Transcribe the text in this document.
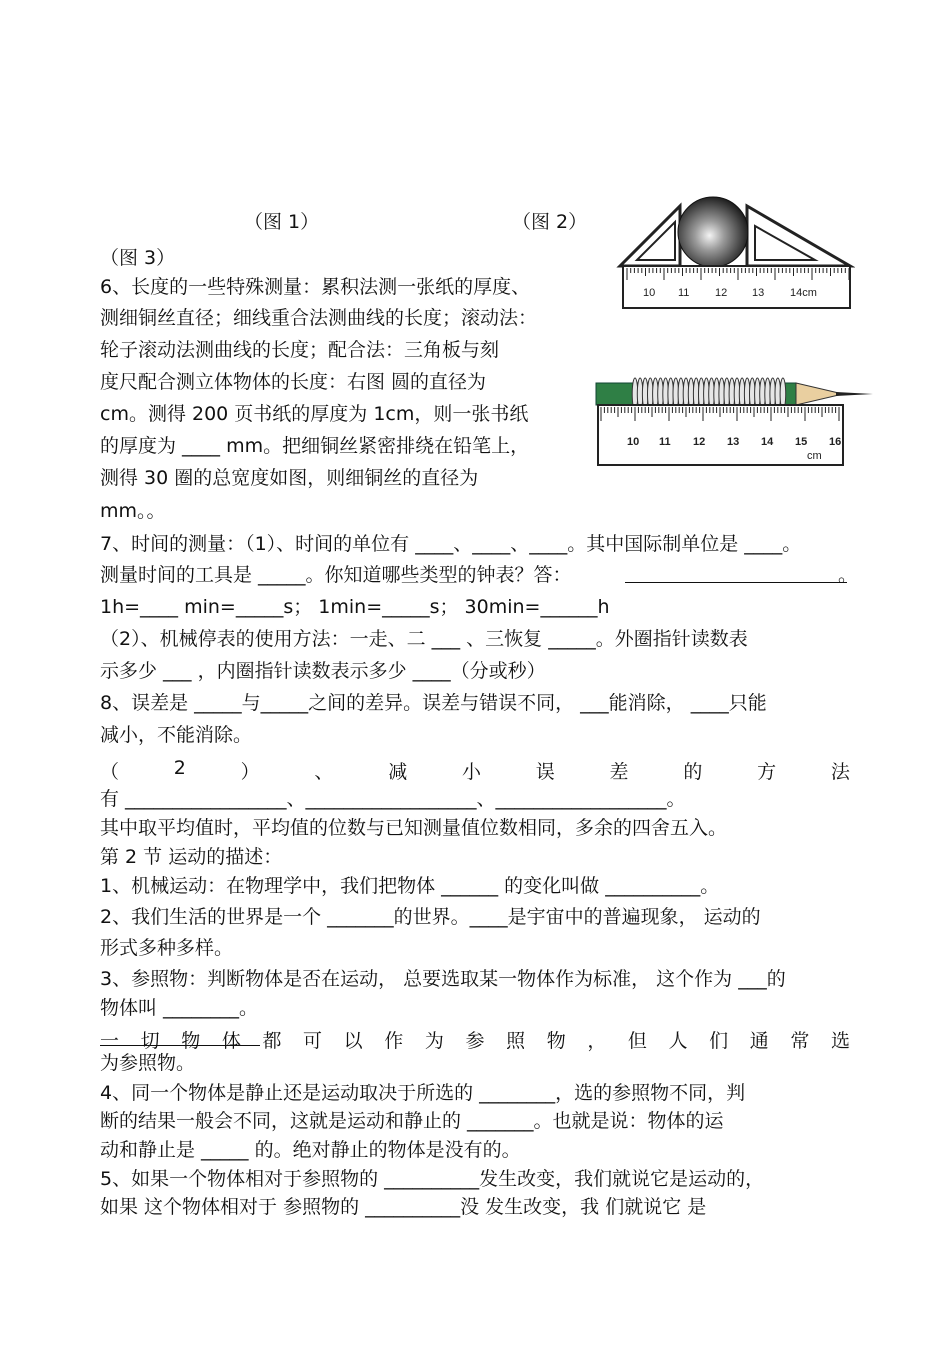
10 11 12 13 14cm
10 11 12 13 14 15 16
cm
（图 1）	（图 2）
（图 3）
6、长度的一些特殊测量：累积法测一张纸的厚度、
测细铜丝直径；细线重合法测曲线的长度；滚动法：
轮子滚动法测曲线的长度；配合法：三角板与刻
度尺配合测立体物体的长度：右图 圆的直径为
cm。测得 200 页书纸的厚度为 1cm，则一张书纸
的厚度为 ____ mm。把细铜丝紧密排绕在铅笔上，
测得 30 圈的总宽度如图，则细铜丝的直径为
mm。。
7、时间的测量：（1）、时间的单位有 ____、____、____。其中国际制单位是 ____。
测量时间的工具是 _____。你知道哪些类型的钟表？答：	。
1h=____ min=_____s； 1min=_____s； 30min=______h
（2）、机械停表的使用方法：一走、二 ___ 、三恢复 _____。外圈指针读数表
示多少 ___ ，内圈指针读数表示多少 ____（分或秒）
8、误差是 _____与_____之间的差异。误差与错误不同， ___能消除， ____只能
减小，不能消除。
（	2	）	、	减	小	误	差	的	方	法
有 _________________、__________________、__________________。
其中取平均值时，平均值的位数与已知测量值位数相同，多余的四舍五入。
第 2 节 运动的描述：
1、机械运动：在物理学中，我们把物体 ______ 的变化叫做 __________。
2、我们生活的世界是一个 _______的世界。____是宇宙中的普遍现象， 运动的
形式多种多样。
3、参照物：判断物体是否在运动， 总要选取某一物体作为标准， 这个作为 ___的
物体叫 ________。
一 切 物 体 都 可 以 作 为 参 照 物 ， 但 人 们 通 常 选
为参照物。
4、同一个物体是静止还是运动取决于所选的 ________，选的参照物不同，判
断的结果一般会不同，这就是运动和静止的 _______。也就是说：物体的运
动和静止是 _____ 的。绝对静止的物体是没有的。
5、如果一个物体相对于参照物的 __________发生改变，我们就说它是运动的，
如果 这个物体相对于 参照物的 __________没 发生改变，我 们就说它 是
